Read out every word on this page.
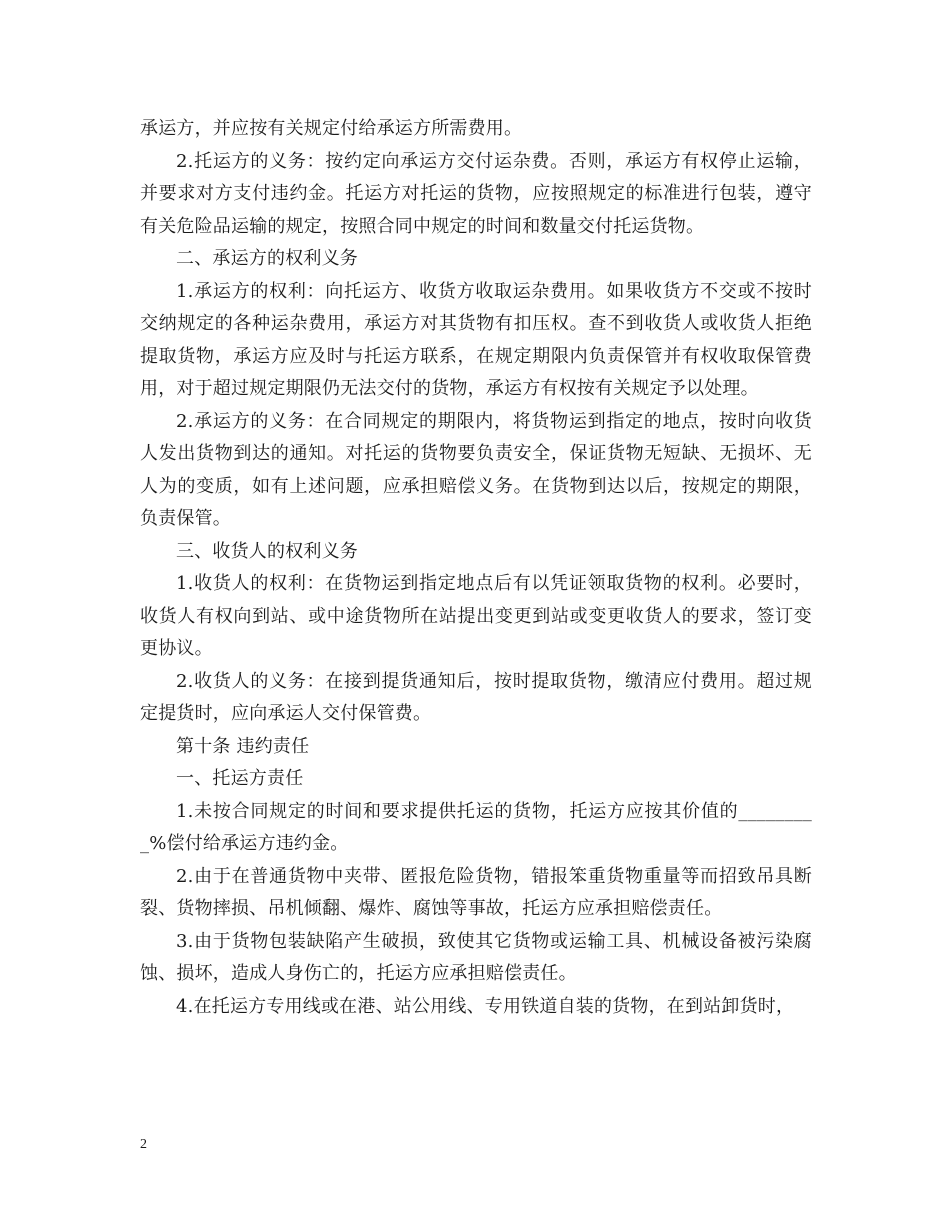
承运方，并应按有关规定付给承运方所需费用。

2.托运方的义务：按约定向承运方交付运杂费。否则，承运方有权停止运输，并要求对方支付违约金。托运方对托运的货物，应按照规定的标准进行包装，遵守有关危险品运输的规定，按照合同中规定的时间和数量交付托运货物。

二、承运方的权利义务

1.承运方的权利：向托运方、收货方收取运杂费用。如果收货方不交或不按时交纳规定的各种运杂费用，承运方对其货物有扣压权。查不到收货人或收货人拒绝提取货物，承运方应及时与托运方联系，在规定期限内负责保管并有权收取保管费用，对于超过规定期限仍无法交付的货物，承运方有权按有关规定予以处理。

2.承运方的义务：在合同规定的期限内，将货物运到指定的地点，按时向收货人发出货物到达的通知。对托运的货物要负责安全，保证货物无短缺、无损坏、无人为的变质，如有上述问题，应承担赔偿义务。在货物到达以后，按规定的期限，负责保管。

三、收货人的权利义务

1.收货人的权利：在货物运到指定地点后有以凭证领取货物的权利。必要时，收货人有权向到站、或中途货物所在站提出变更到站或变更收货人的要求，签订变更协议。

2.收货人的义务：在接到提货通知后，按时提取货物，缴清应付费用。超过规定提货时，应向承运人交付保管费。

第十条 违约责任

一、托运方责任

1.未按合同规定的时间和要求提供托运的货物，托运方应按其价值的_________%偿付给承运方违约金。

2.由于在普通货物中夹带、匿报危险货物，错报笨重货物重量等而招致吊具断裂、货物摔损、吊机倾翻、爆炸、腐蚀等事故，托运方应承担赔偿责任。

3.由于货物包装缺陷产生破损，致使其它货物或运输工具、机械设备被污染腐蚀、损坏，造成人身伤亡的，托运方应承担赔偿责任。

4.在托运方专用线或在港、站公用线、专用铁道自装的货物，在到站卸货时，

2
